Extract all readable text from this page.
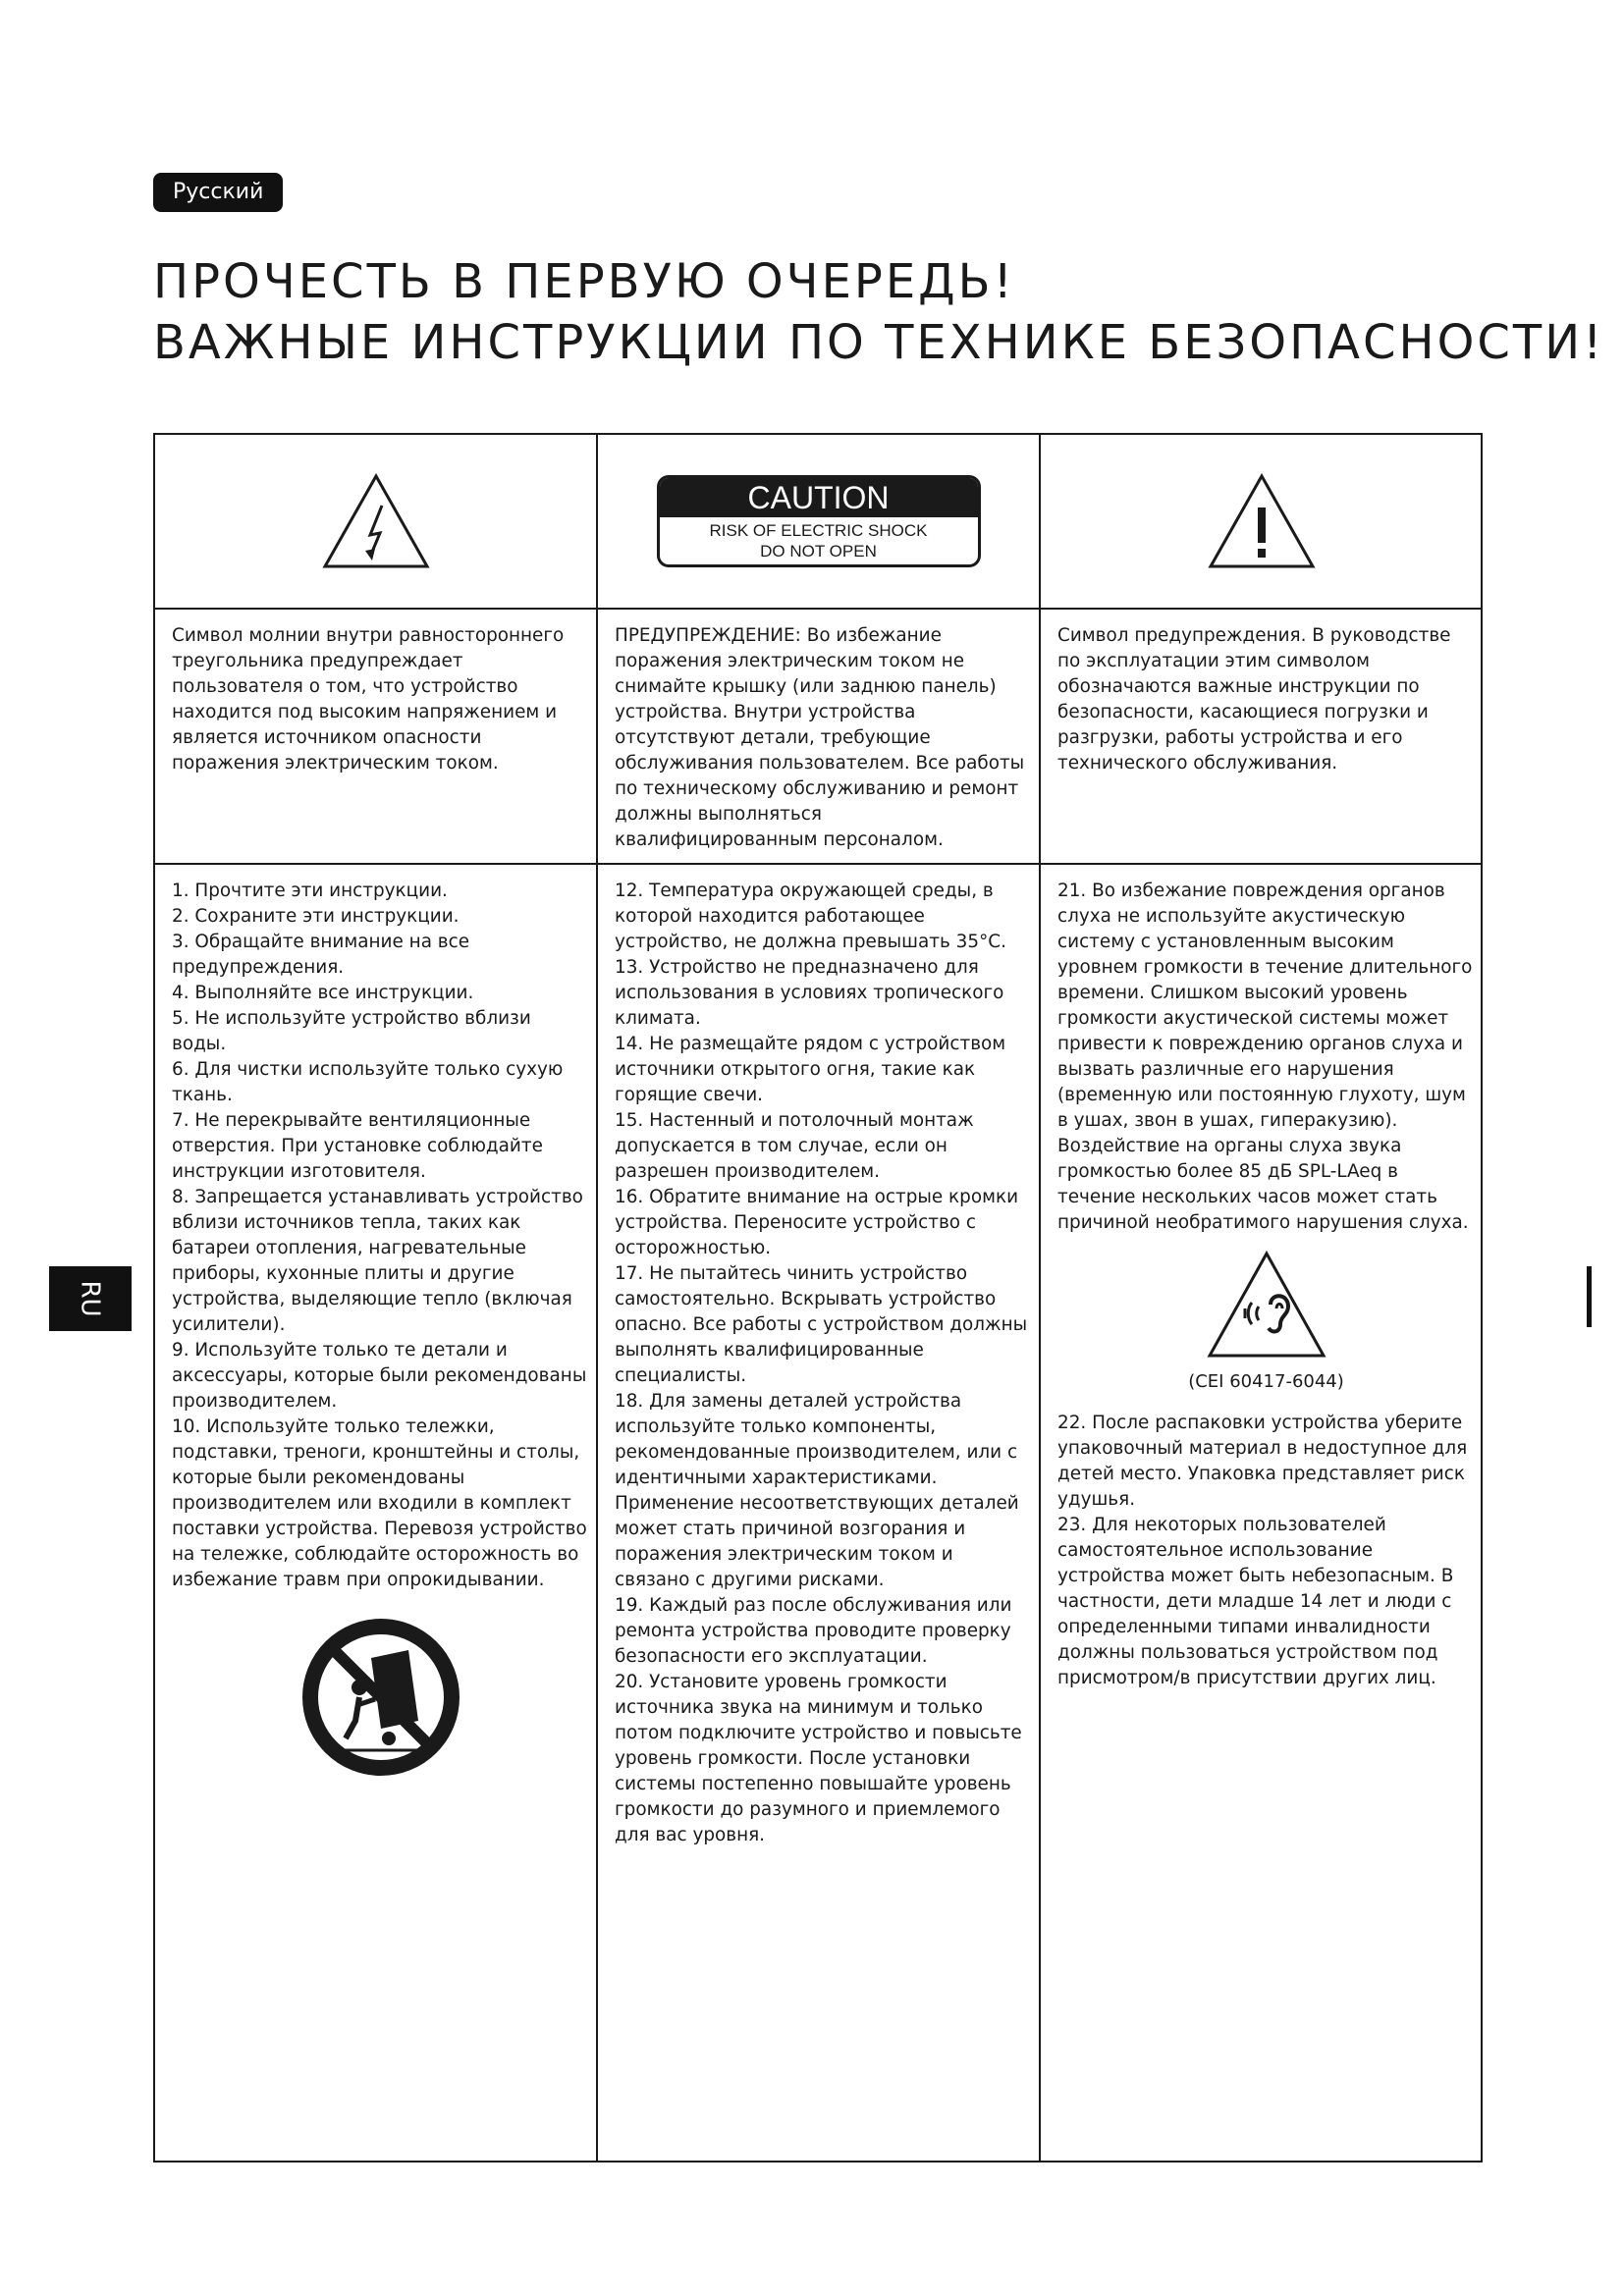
Русский
ПРОЧЕСТЬ В ПЕРВУЮ ОЧЕРЕДЬ!
ВАЖНЫЕ ИНСТРУКЦИИ ПО ТЕХНИКЕ БЕЗОПАСНОСТИ!
CAUTION
RISK OF ELECTRIC SHOCK
DO NOT OPEN
Символ молнии внутри равностороннего треугольника предупреждает пользователя о том, что устройство находится под высоким напряжением и является источником опасности поражения электрическим током.
ПРЕДУПРЕЖДЕНИЕ: Во избежание поражения электрическим током не снимайте крышку (или заднюю панель) устройства. Внутри устройства отсутствуют детали, требующие обслуживания пользователем. Все работы по техническому обслуживанию и ремонт должны выполняться квалифицированным персоналом.
Символ предупреждения. В руководстве по эксплуатации этим символом обозначаются важные инструкции по безопасности, касающиеся погрузки и разгрузки, работы устройства и его технического обслуживания.

1. Прочтите эти инструкции.

2. Сохраните эти инструкции.

3. Обращайте внимание на все предупреждения.

4. Выполняйте все инструкции.

5. Не используйте устройство вблизи воды.

6. Для чистки используйте только сухую ткань.

7. Не перекрывайте вентиляционные отверстия. При установке соблюдайте инструкции изготовителя.

8. Запрещается устанавливать устройство вблизи источников тепла, таких как батареи отопления, нагревательные приборы, кухонные плиты и другие устройства, выделяющие тепло (включая усилители).

9. Используйте только те детали и аксессуары, которые были рекомендованы производителем.

10. Используйте только тележки, подставки, треноги, кронштейны и столы, которые были рекомендованы производителем или входили в комплект поставки устройства. Перевозя устройство на тележке, соблюдайте осторожность во избежание травм при опрокидывании.

12. Температура окружающей среды, в которой находится работающее устройство, не должна превышать 35°C.

13. Устройство не предназначено для использования в условиях тропического климата.

14. Не размещайте рядом с устройством источники открытого огня, такие как горящие свечи.

15. Настенный и потолочный монтаж допускается в том случае, если он разрешен производителем.

16. Обратите внимание на острые кромки устройства. Переносите устройство с осторожностью.

17. Не пытайтесь чинить устройство самостоятельно. Вскрывать устройство опасно. Все работы с устройством должны выполнять квалифицированные специалисты.

18. Для замены деталей устройства используйте только компоненты, рекомендованные производителем, или с идентичными характеристиками. Применение несоответствующих деталей может стать причиной возгорания и поражения электрическим током и связано с другими рисками.

19. Каждый раз после обслуживания или ремонта устройства проводите проверку безопасности его эксплуатации.

20. Установите уровень громкости источника звука на минимум и только потом подключите устройство и повысьте уровень громкости. После установки системы постепенно повышайте уровень громкости до разумного и приемлемого для вас уровня.

21. Во избежание повреждения органов слуха не используйте акустическую систему с установленным высоким уровнем громкости в течение длительного времени. Слишком высокий уровень громкости акустической системы может привести к повреждению органов слуха и вызвать различные его нарушения (временную или постоянную глухоту, шум в ушах, звон в ушах, гиперакузию). Воздействие на органы слуха звука громкостью более 85 дБ SPL-LAeq в течение нескольких часов может стать причиной необратимого нарушения слуха.

(CEI 60417-6044)

22. После распаковки устройства уберите упаковочный материал в недоступное для детей место. Упаковка представляет риск удушья.

23. Для некоторых пользователей самостоятельное использование устройства может быть небезопасным. В частности, дети младше 14 лет и люди с определенными типами инвалидности должны пользоваться устройством под присмотром/в присутствии других лиц.

RU
